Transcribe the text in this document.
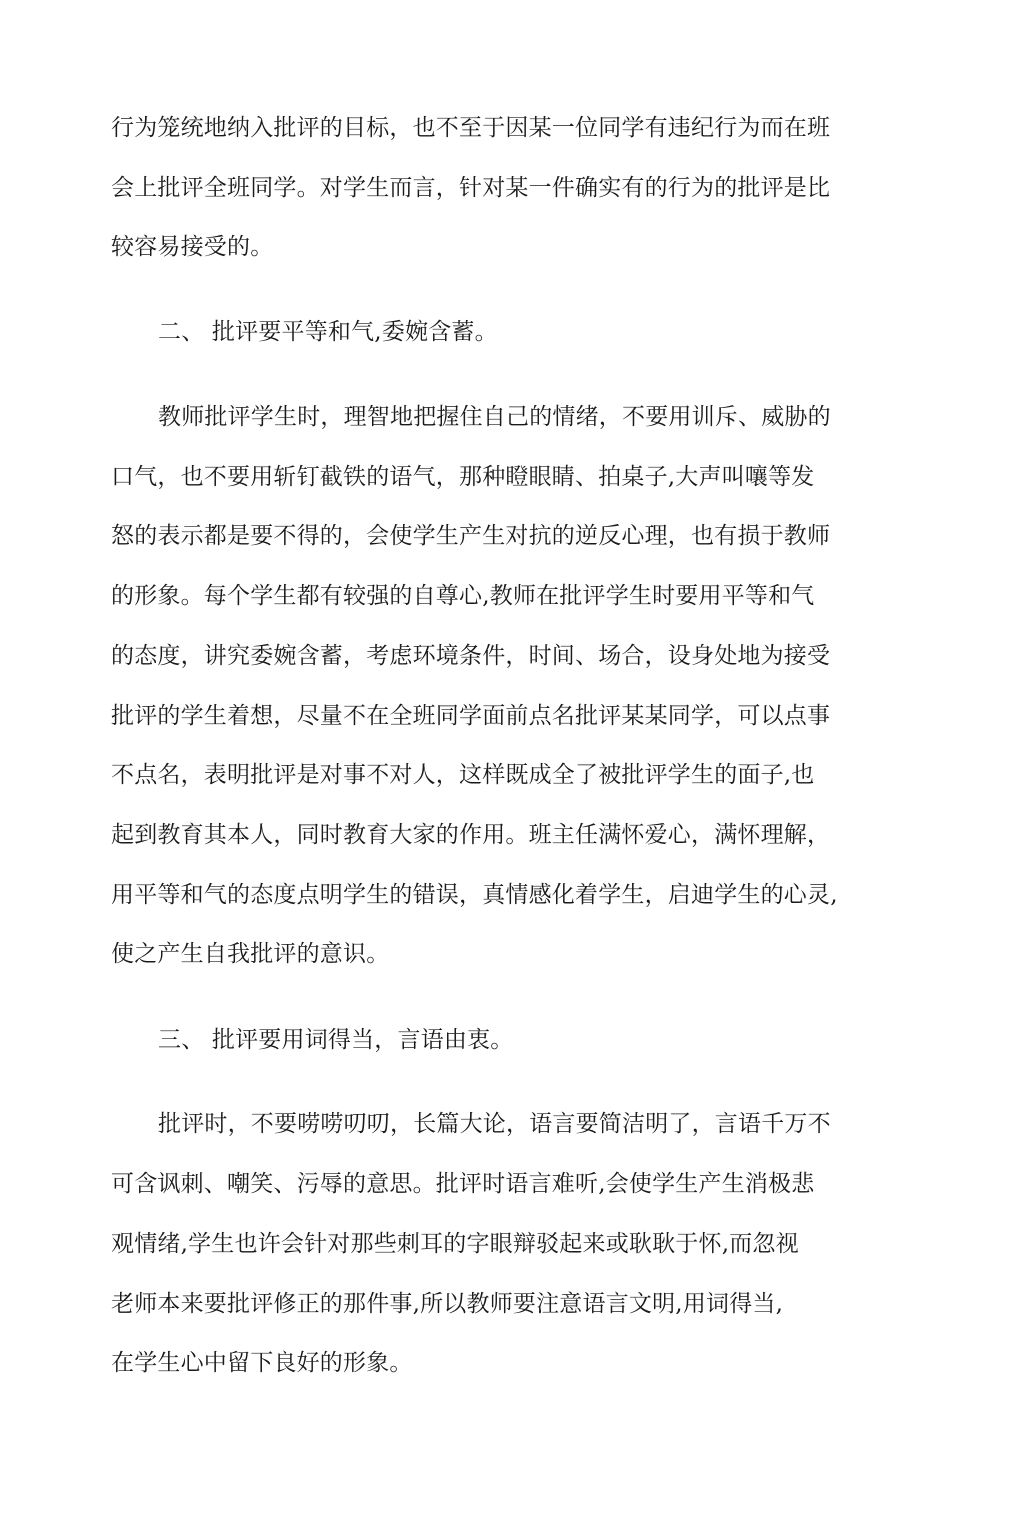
行为笼统地纳入批评的目标，也不至于因某一位同学有违纪行为而在班
会上批评全班同学。对学生而言，针对某一件确实有的行为的批评是比
较容易接受的。
二、 批评要平等和气,委婉含蓄。
教师批评学生时，理智地把握住自己的情绪，不要用训斥、威胁的
口气，也不要用斩钉截铁的语气，那种瞪眼睛、拍桌子,大声叫嚷等发
怒的表示都是要不得的，会使学生产生对抗的逆反心理，也有损于教师
的形象。每个学生都有较强的自尊心,教师在批评学生时要用平等和气
的态度，讲究委婉含蓄，考虑环境条件，时间、场合，设身处地为接受
批评的学生着想，尽量不在全班同学面前点名批评某某同学，可以点事
不点名，表明批评是对事不对人，这样既成全了被批评学生的面子,也
起到教育其本人，同时教育大家的作用。班主任满怀爱心，满怀理解，
用平等和气的态度点明学生的错误，真情感化着学生，启迪学生的心灵,
使之产生自我批评的意识。
三、 批评要用词得当，言语由衷。
批评时，不要唠唠叨叨，长篇大论，语言要简洁明了，言语千万不
可含讽刺、嘲笑、污辱的意思。批评时语言难听,会使学生产生消极悲
观情绪,学生也许会针对那些刺耳的字眼辩驳起来或耿耿于怀,而忽视
老师本来要批评修正的那件事,所以教师要注意语言文明,用词得当,
在学生心中留下良好的形象。
